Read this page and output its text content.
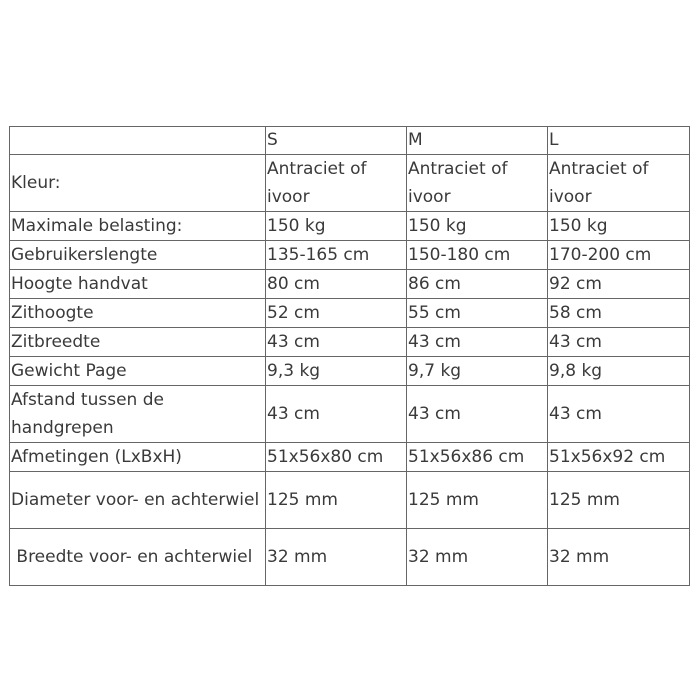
	S	M	L
Kleur:	Antraciet of ivoor	Antraciet of ivoor	Antraciet of ivoor
Maximale belasting:	150 kg	150 kg	150 kg
Gebruikerslengte	135-165 cm	150-180 cm	170-200 cm
Hoogte handvat	80 cm	86 cm	92 cm
Zithoogte	52 cm	55 cm	58 cm
Zitbreedte	43 cm	43 cm	43 cm
Gewicht Page	9,3 kg	9,7 kg	9,8 kg
Afstand tussen de handgrepen	43 cm	43 cm	43 cm
Afmetingen (LxBxH)	51x56x80 cm	51x56x86 cm	51x56x92 cm
Diameter voor- en achterwiel	125 mm	125 mm	125 mm
Breedte voor- en achterwiel	32 mm	32 mm	32 mm
